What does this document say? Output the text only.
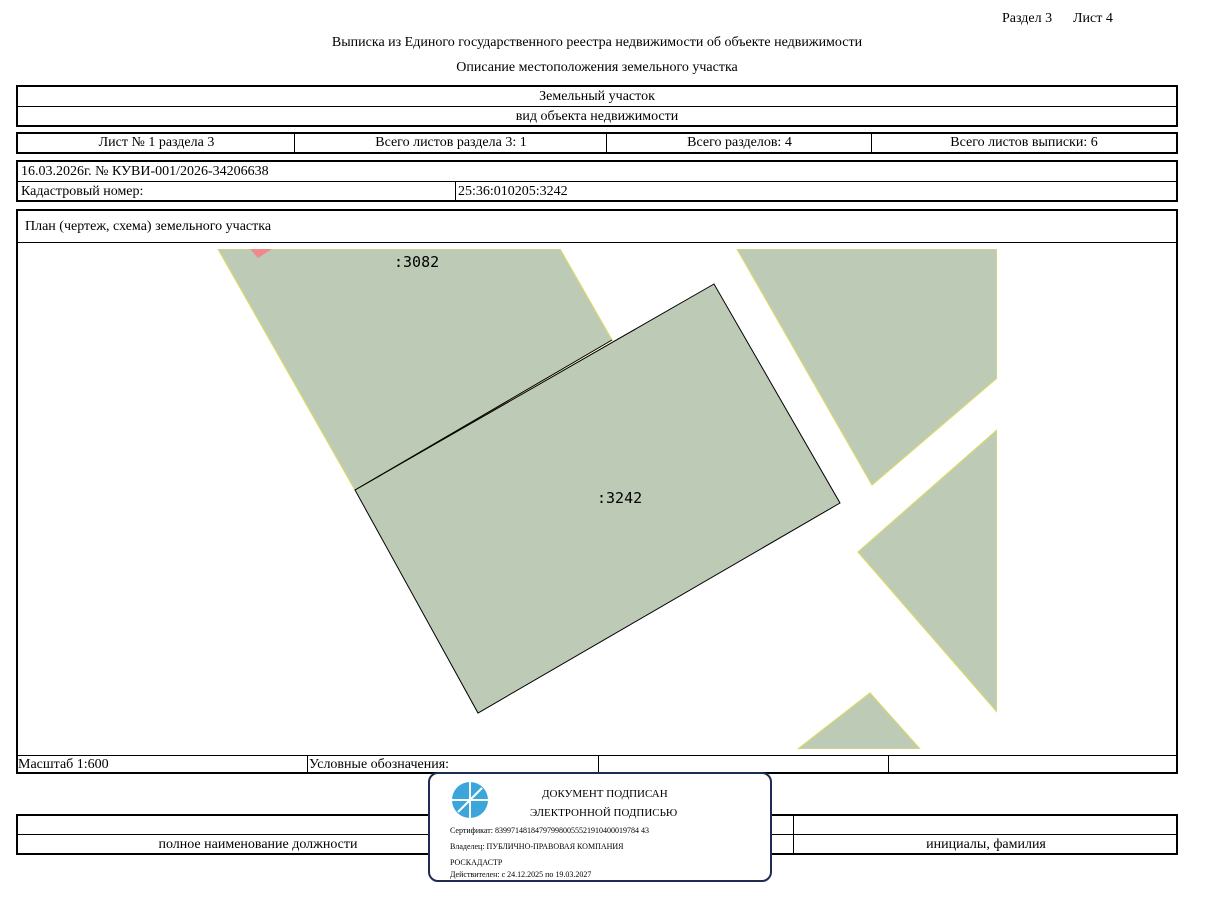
Раздел 3 Лист 4
Выписка из Единого государственного реестра недвижимости об объекте недвижимости
Описание местоположения земельного участка
Земельный участок
вид объекта недвижимости
Лист № 1 раздела 3	Всего листов раздела 3: 1	Всего разделов: 4	Всего листов выписки: 6
16.03.2026г. № КУВИ-001/2026-34206638
Кадастровый номер:	25:36:010205:3242
План (чертеж, схема) земельного участка
Масштаб 1:600	Условные обозначения:
:3082
:3242
полное наименование должности	инициалы, фамилия
ДОКУМЕНТ ПОДПИСАН
ЭЛЕКТРОННОЙ ПОДПИСЬЮ
Сертификат: 839971481847979980055521910400019784 43
Владелец: ПУБЛИЧНО-ПРАВОВАЯ КОМПАНИЯ
РОСКАДАСТР
Действителен: с 24.12.2025 по 19.03.2027
